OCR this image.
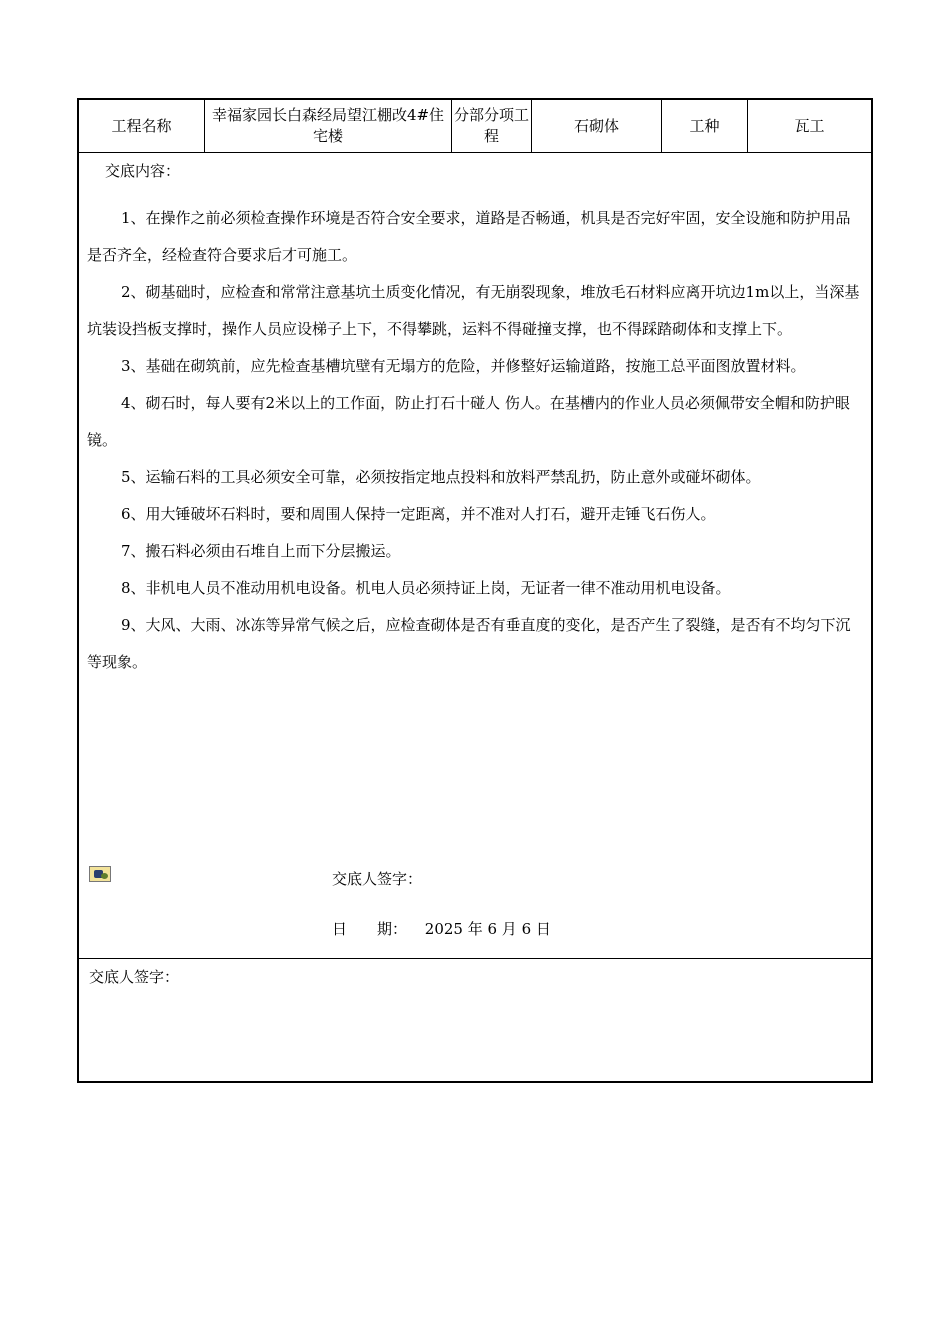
工程名称
幸福家园长白森经局望江棚改4#住宅楼
分部分项工　程
石砌体	工种	瓦工
交底内容：

1、在操作之前必须检查操作环境是否符合安全要求，道路是否畅通，机具是否完好牢固，安全设施和防护用品是否齐全，经检查符合要求后才可施工。

2、砌基础时，应检查和常常注意基坑土质变化情况，有无崩裂现象，堆放毛石材料应离开坑边1m以上，当深基坑装设挡板支撑时，操作人员应设梯子上下，不得攀跳，运料不得碰撞支撑，也不得踩踏砌体和支撑上下。

3、基础在砌筑前，应先检查基槽坑壁有无塌方的危险，并修整好运输道路，按施工总平面图放置材料。

4、砌石时，每人要有2米以上的工作面，防止打石十碰人 伤人。在基槽内的作业人员必须佩带安全帽和防护眼镜。

5、运输石料的工具必须安全可靠，必须按指定地点投料和放料严禁乱扔，防止意外或碰坏砌体。

6、用大锤破坏石料时，要和周围人保持一定距离，并不准对人打石，避开走锤飞石伤人。

7、搬石料必须由石堆自上而下分层搬运。

8、非机电人员不准动用机电设备。机电人员必须持证上岗，无证者一律不准动用机电设备。

9、大风、大雨、冰冻等异常气候之后，应检查砌体是否有垂直度的变化，是否产生了裂缝，是否有不均匀下沉等现象。

交底人签字：
日　　期： 2025 年 6 月 6 日
交底人签字：
